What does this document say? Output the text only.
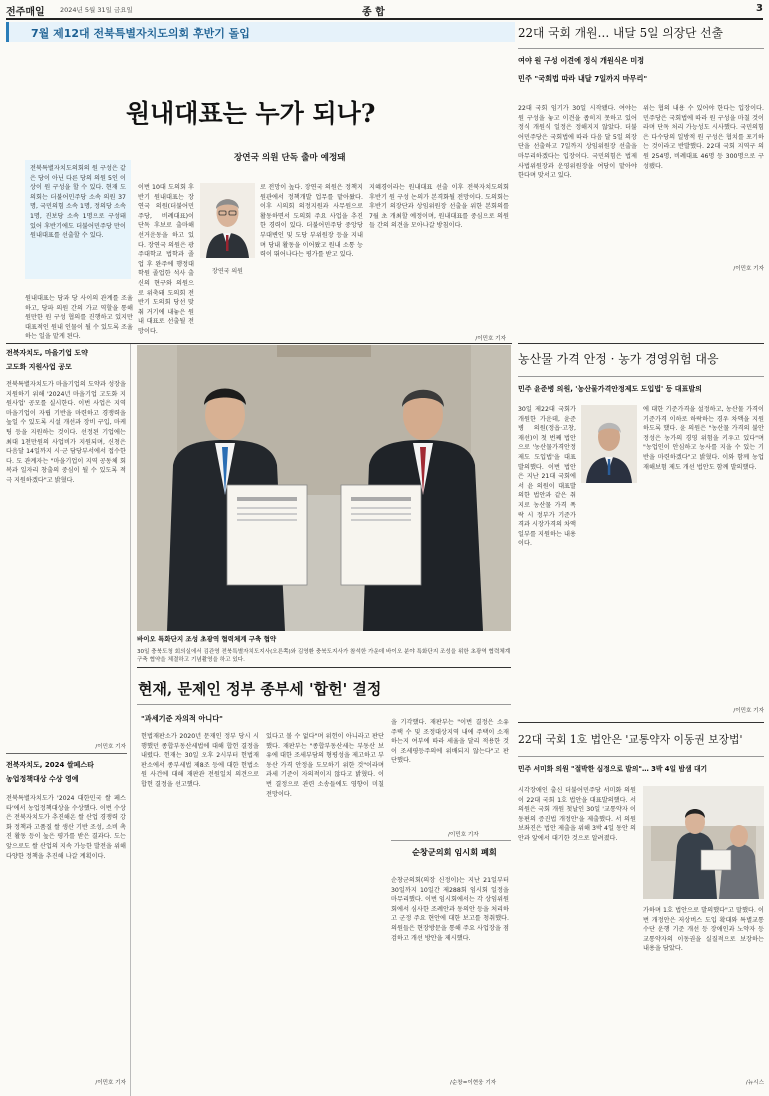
전주매일 2024년 5월 31일 금요일	종 합	3
7월 제12대 전북특별자치도의회 후반기 돌입
원내대표는 누가 되나?
장연국 의원 단독 출마 예정돼
전북특별자치도의회의 원 구성은 같은 당이 아닌 다른 당의 의원 5인 이상이 원 구성을 할 수 있다. 현재 도의회는 더불어민주당 소속 의원 37명, 국민의힘 소속 1명, 정의당 소속 1명, 진보당 소속 1명으로 구성돼 있어 후반기에도 더불어민주당 만이 원내대표를 선출할 수 있다.
장연국 의원
이번 10대 도의회 후반기 원내대표는 장연국 의원(더불어민주당, 비례대표)이 단독 후보로 출마해 선거운동을 하고 있다. 장연국 의원은 광주대학교 법학과 졸업 후 완주에 행정대학원 졸업한 석사 출신의 현구와 의원으로 위축돼 도의회 전반기 도의회 당선 맞춰 거기에 내놓은 원내 대표로 선출될 전망이다.
로 전망이 높다. 장연국 의원은 정책지원관에서 정책개발 업무를 맡아왔다. 이후 시의회 의정지원과 사무원으로 활동하면서 도의회 주요 사업을 추진한 경력이 있다. 더불어민주당 중앙당 부대변인 및 도당 부위원장 등을 지내며 당내 활동을 이어왔고 원내 소통 능력이 뛰어나다는 평가를 받고 있다.
지혜경이라는 원내대표 선출 이후 전북자치도의회 후반기 원 구성 논의가 본격화될 전망이다. 도의회는 후반기 의장단과 상임위원장 선출을 위한 본회의를 7월 초 개최할 예정이며, 원내대표를 중심으로 의원들 간의 의견을 모아나갈 방침이다.
원내대표는 당과 당 사이의 관계를 조율하고, 당파 의원 간의 가교 역할을 통해 원만한 원 구성 협의를 진행하고 있지만 대표적인 원내 인물이 될 수 있도록 조율하는 일을 맡게 된다.	/이민호 기자
22대 국회 개원… 내달 5일 의장단 선출
여야 원 구성 이견에 정식 개원식은 미정
민주 "국회법 따라 내달 7일까지 마무리"
22대 국회 임기가 30일 시작됐다. 여야는 원 구성을 놓고 이견을 좁히지 못하고 있어 정식 개원식 일정은 정해지지 않았다. 더불어민주당은 국회법에 따라 다음 달 5일 의장단을 선출하고 7일까지 상임위원장 선출을 마무리하겠다는 입장이다. 국민의힘은 법제사법위원장과 운영위원장을 여당이 맡아야 한다며 맞서고 있다.
위는 협의 내용 수 있어야 한다는 입장이다. 민주당은 국회법에 따라 원 구성을 마칠 것이라며 단독 처리 가능성도 시사했다. 국민의힘은 다수당의 일방적 원 구성은 협치를 포기하는 것이라고 반발했다. 22대 국회 지역구 의원 254명, 비례대표 46명 등 300명으로 구성됐다.
/이민호 기자
전북자치도, 마을기업 도약
고도화 지원사업 공모
전북특별자치도가 마을기업의 도약과 성장을 지원하기 위해 '2024년 마을기업 고도화 지원사업' 공모를 실시한다. 이번 사업은 지역 마을기업이 자립 기반을 마련하고 경쟁력을 높일 수 있도록 시설 개선과 장비 구입, 마케팅 등을 지원하는 것이다. 선정된 기업에는 최대 1천만원의 사업비가 지원되며, 신청은 다음달 14일까지 시·군 담당부서에서 접수한다. 도 관계자는 "마을기업이 지역 공동체 회복과 일자리 창출의 중심이 될 수 있도록 적극 지원하겠다"고 밝혔다.
/이민호 기자
전북자치도, 2024 쌀페스타
농업정책대상 수상 영예
전북특별자치도가 '2024 대한민국 쌀 페스타'에서 농업정책대상을 수상했다. 이번 수상은 전북자치도가 추진해온 쌀 산업 경쟁력 강화 정책과 고품질 쌀 생산 기반 조성, 소비 촉진 활동 등이 높은 평가를 받은 결과다. 도는 앞으로도 쌀 산업의 지속 가능한 발전을 위해 다양한 정책을 추진해 나갈 계획이다.
/이민호 기자
바이오 특화단지 조성 초광역 협력체계 구축 협약
30일 충북도청 회의실에서 김관영 전북특별자치도지사(오른쪽)와 김영환 충북도지사가 참석한 가운데 바이오 분야 특화단지 조성을 위한 초광역 협력체계 구축 협약을 체결하고 기념촬영을 하고 있다.
현재, 문제인 정부 종부세 '합헌' 결정
"과세기준 자의적 아니다"
헌법재판소가 2020년 문재인 정부 당시 시행했던 종합부동산세법에 대해 합헌 결정을 내렸다. 헌재는 30일 오후 2시부터 헌법재판소에서 종부세법 제8조 등에 대한 헌법소원 사건에 대해 재판관 전원일치 의견으로 합헌 결정을 선고했다.
있다고 볼 수 없다"며 위헌이 아니라고 판단했다. 재판부는 "종합부동산세는 부동산 보유에 대한 조세부담의 형평성을 제고하고 부동산 가격 안정을 도모하기 위한 것"이라며 과세 기준이 자의적이지 않다고 밝혔다. 이번 결정으로 관련 소송들에도 영향이 미칠 전망이다.
을 기각했다. 재판부는 "이번 결정은 소유 주택 수 및 조정대상지역 내에 주택이 소재하는지 여부에 따라 세율을 달리 적용한 것이 조세평등주의에 위배되지 않는다"고 판단했다.
/이민호 기자
순창군의회 임시회 폐회
순창군의회(의장 신정이)는 지난 21일부터 30일까지 10일간 제288회 임시회 일정을 마무리했다. 이번 임시회에서는 각 상임위원회에서 심사한 조례안과 동의안 등을 처리하고 군정 주요 현안에 대한 보고를 청취했다. 의원들은 현장방문을 통해 주요 사업장을 점검하고 개선 방안을 제시했다.
/순창=이현웅 기자
농산물 가격 안정 · 농가 경영위험 대응
민주 윤준병 의원, '농산물가격안정제도 도입법' 등 대표발의
30일 제22대 국회가 개원한 가운데, 윤준병 의원(정읍·고창, 재선)이 첫 번째 법안으로 '농산물가격안정제도 도입법'을 대표발의했다. 이번 법안은 지난 21대 국회에서 윤 의원이 대표발의한 법안과 같은 취지로 농산물 가격 폭락 시 정부가 기준가격과 시장가격의 차액 일부를 지원하는 내용이다.
에 대한 기준가격을 설정하고, 농산물 가격이 기준가격 이하로 하락하는 경우 차액을 지원하도록 했다. 윤 의원은 "농산물 가격의 불안정성은 농가의 경영 위험을 키우고 있다"며 "농업인이 안심하고 농사를 지을 수 있는 기반을 마련하겠다"고 밝혔다. 이와 함께 농업재해보험 제도 개선 법안도 함께 발의했다.
/이민호 기자
22대 국회 1호 법안은 '교통약자 이동권 보장법'
민주 서미화 의원 "절박한 심정으로 발의"… 3박 4일 밤샘 대기
시각장애인 출신 더불어민주당 서미화 의원이 22대 국회 1호 법안을 대표발의했다. 서 의원은 국회 개원 첫날인 30일 '교통약자 이동편의 증진법 개정안'을 제출했다. 서 의원 보좌진은 법안 제출을 위해 3박 4일 동안 의안과 앞에서 대기한 것으로 알려졌다.
가하며 1호 법안으로 발의했다"고 말했다. 이번 개정안은 저상버스 도입 확대와 특별교통수단 운행 기준 개선 등 장애인과 노약자 등 교통약자의 이동권을 실질적으로 보장하는 내용을 담았다.
/뉴시스
